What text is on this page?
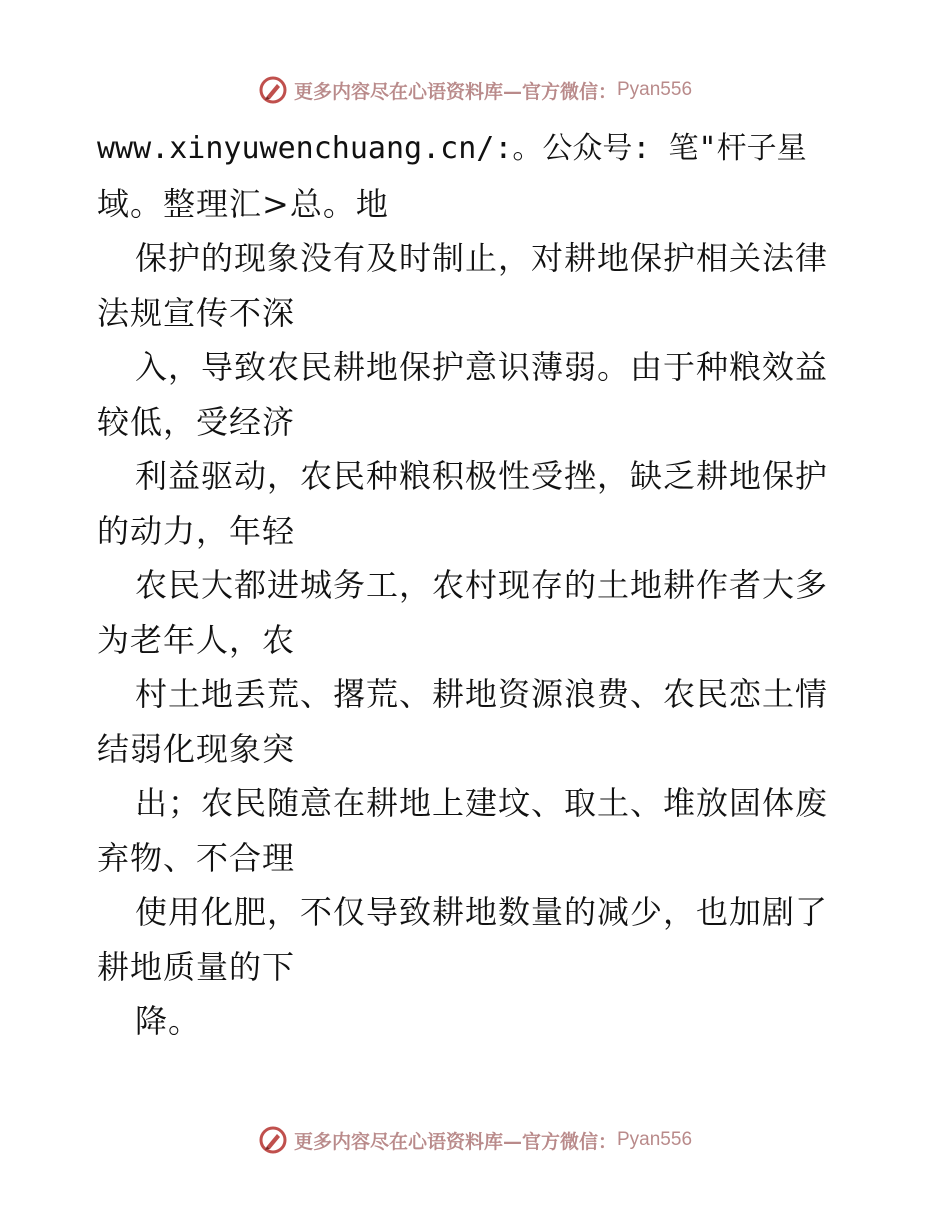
更多内容尽在心语资料库—官方微信： Pyan556
www.xinyuwenchuang.cn/:。公众号: 笔"杆子星
域。整理汇>总。地
保护的现象没有及时制止，对耕地保护相关法律
法规宣传不深
入，导致农民耕地保护意识薄弱。由于种粮效益
较低，受经济
利益驱动，农民种粮积极性受挫，缺乏耕地保护
的动力，年轻
农民大都进城务工，农村现存的土地耕作者大多
为老年人，农
村土地丢荒、撂荒、耕地资源浪费、农民恋土情
结弱化现象突
出；农民随意在耕地上建坟、取土、堆放固体废
弃物、不合理
使用化肥，不仅导致耕地数量的减少，也加剧了
耕地质量的下
降。
更多内容尽在心语资料库—官方微信： Pyan556
